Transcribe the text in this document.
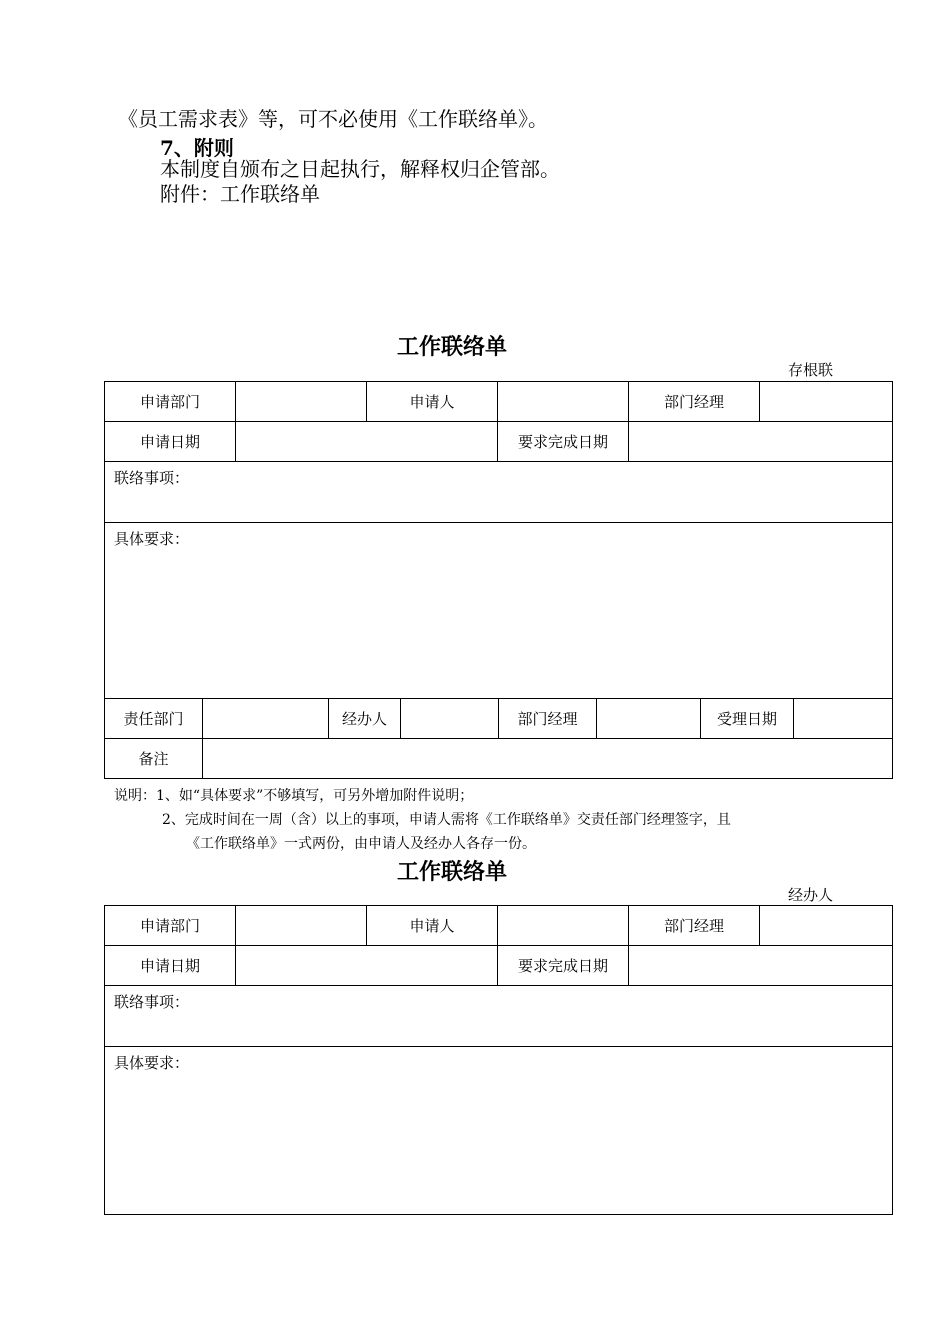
《员工需求表》等，可不必使用《工作联络单》。
7、附则
本制度自颁布之日起执行，解释权归企管部。
附件：工作联络单
工作联络单
存根联
申请部门		申请人		部门经理	
申请日期			要求完成日期		
联络事项：					
具体要求：					
责任部门		经办人		部门经理		受理日期	
备注							
说明：1、如“具体要求”不够填写，可另外增加附件说明；
2、完成时间在一周（含）以上的事项，申请人需将《工作联络单》交责任部门经理签字，且
《工作联络单》一式两份，由申请人及经办人各存一份。
工作联络单
经办人
申请部门		申请人		部门经理	
申请日期			要求完成日期		
联络事项：					
具体要求：					
